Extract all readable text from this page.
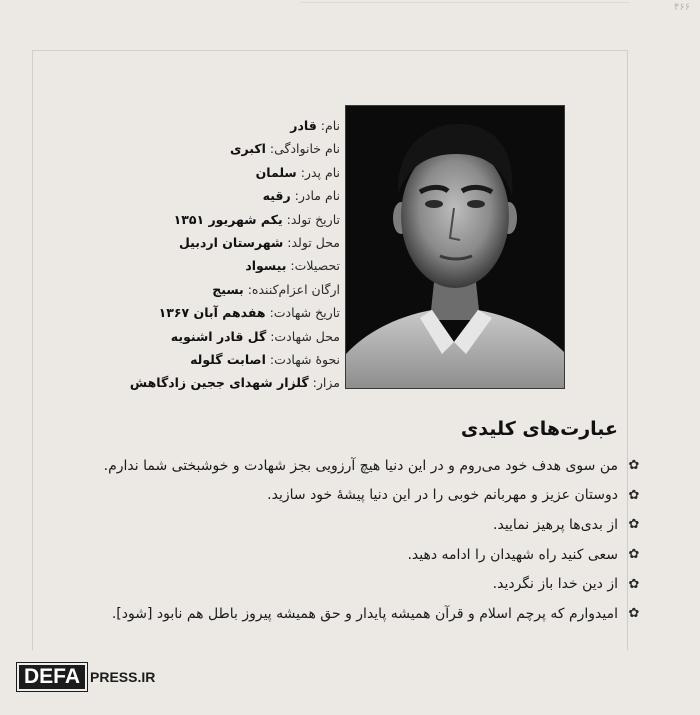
۴۶۶
نام: قادر
نام خانوادگی: اکبری
نام پدر: سلمان
نام مادر: رقیه
تاریخ تولد: یکم شهریور ۱۳۵۱
محل تولد: شهرستان اردبیل
تحصیلات: بیسواد
ارگان اعزام‌کننده: بسیج
تاریخ شهادت: هفدهم آبان ۱۳۶۷
محل شهادت: گل قادر اشنویه
نحوهٔ شهادت: اصابت گلوله
مزار: گلزار شهدای ججین زادگاهش
عبارت‌های کلیدی
✿
من سوی هدف خود می‌روم و در این دنیا هیچ آرزویی بجز شهادت و خوشبختی شما ندارم.
✿
دوستان عزیز و مهربانم خوبی را در این دنیا پیشهٔ خود سازید.
✿
از بدی‌ها پرهیز نمایید.
✿
سعی کنید راه شهیدان را ادامه دهید.
✿
از دین خدا باز نگردید.
✿
امیدوارم که پرچم اسلام و قرآن همیشه پایدار و حق همیشه پیروز باطل هم نابود [شود].
DEFA PRESS.IR
